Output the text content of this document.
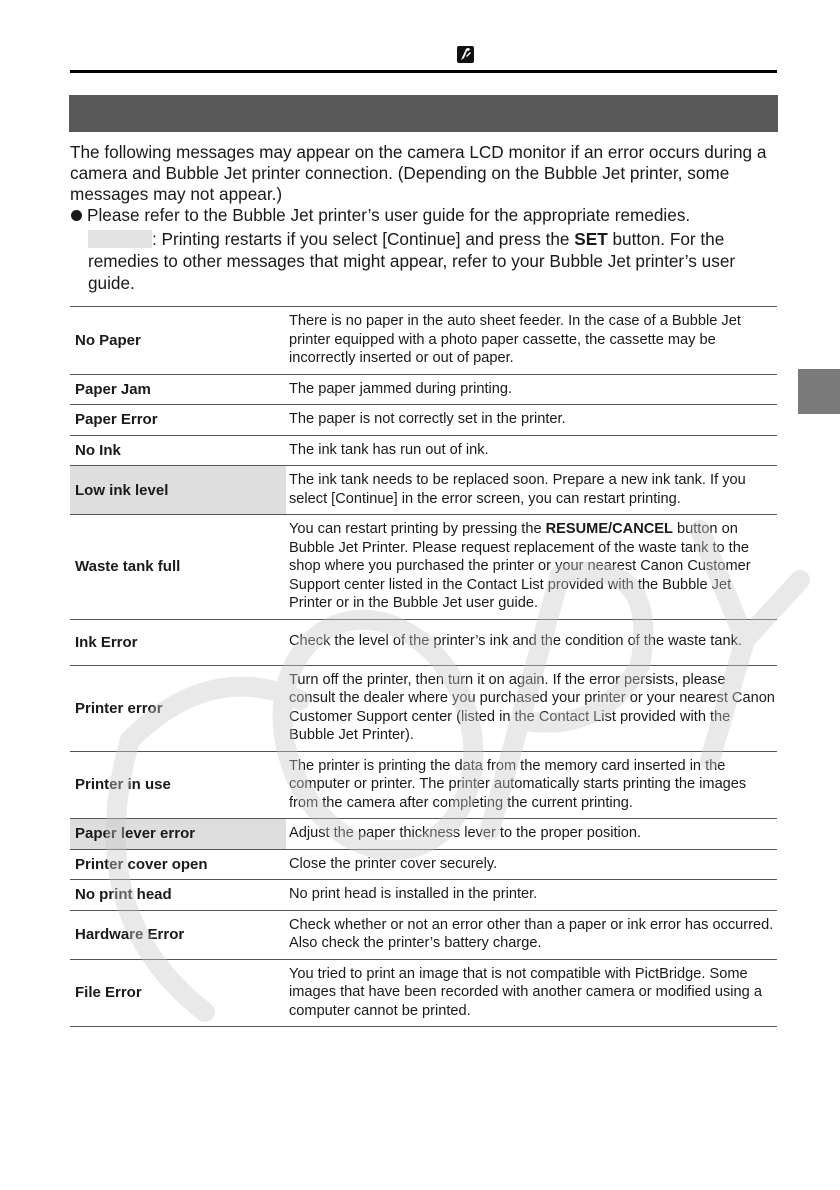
The following messages may appear on the camera LCD monitor if an error occurs during a camera and Bubble Jet printer connection. (Depending on the Bubble Jet printer, some messages may not appear.)

Please refer to the Bubble Jet printer’s user guide for the appropriate remedies.
: Printing restarts if you select [Continue] and press the SET button. For the remedies to other messages that might appear, refer to your Bubble Jet printer’s user guide.
No Paper	There is no paper in the auto sheet feeder. In the case of a Bubble Jet printer equipped with a photo paper cassette, the cassette may be incorrectly inserted or out of paper.
Paper Jam	The paper jammed during printing.
Paper Error	The paper is not correctly set in the printer.
No Ink	The ink tank has run out of ink.
Low ink level	The ink tank needs to be replaced soon. Prepare a new ink tank. If you select [Continue] in the error screen, you can restart printing.
Waste tank full	You can restart printing by pressing the RESUME/CANCEL button on Bubble Jet Printer. Please request replacement of the waste tank to the shop where you purchased the printer or your nearest Canon Customer Support center listed in the Contact List provided with the Bubble Jet Printer or in the Bubble Jet user guide.
Ink Error	Check the level of the printer’s ink and the condition of the waste tank.
Printer error	Turn off the printer, then turn it on again. If the error persists, please consult the dealer where you purchased your printer or your nearest Canon Customer Support center (listed in the Contact List provided with the Bubble Jet Printer).
Printer in use	The printer is printing the data from the memory card inserted in the computer or printer. The printer automatically starts printing the images from the camera after completing the current printing.
Paper lever error	Adjust the paper thickness lever to the proper position.
Printer cover open	Close the printer cover securely.
No print head	No print head is installed in the printer.
Hardware Error	Check whether or not an error other than a paper or ink error has occurred. Also check the printer’s battery charge.
File Error	You tried to print an image that is not compatible with PictBridge. Some images that have been recorded with another camera or modified using a computer cannot be printed.
